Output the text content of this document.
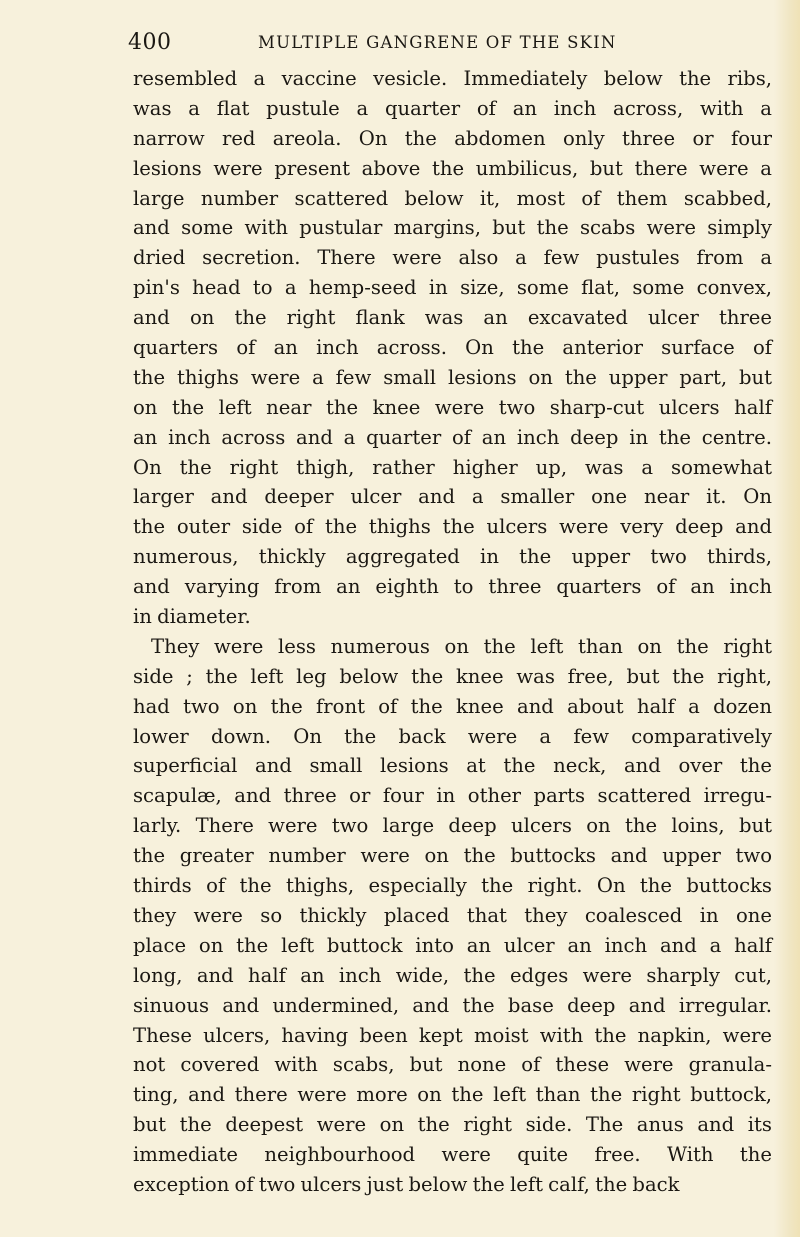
400	MULTIPLE GANGRENE OF THE SKIN
resembled a vaccine vesicle. Immediately below the ribs,
was a flat pustule a quarter of an inch across, with a
narrow red areola. On the abdomen only three or four
lesions were present above the umbilicus, but there were a
large number scattered below it, most of them scabbed,
and some with pustular margins, but the scabs were simply
dried secretion. There were also a few pustules from a
pin's head to a hemp-seed in size, some flat, some convex,
and on the right flank was an excavated ulcer three
quarters of an inch across. On the anterior surface of
the thighs were a few small lesions on the upper part, but
on the left near the knee were two sharp-cut ulcers half
an inch across and a quarter of an inch deep in the centre.
On the right thigh, rather higher up, was a somewhat
larger and deeper ulcer and a smaller one near it. On
the outer side of the thighs the ulcers were very deep and
numerous, thickly aggregated in the upper two thirds,
and varying from an eighth to three quarters of an inch
in diameter.
They were less numerous on the left than on the right
side ; the left leg below the knee was free, but the right,
had two on the front of the knee and about half a dozen
lower down. On the back were a few comparatively
superficial and small lesions at the neck, and over the
scapulæ, and three or four in other parts scattered irregu-
larly. There were two large deep ulcers on the loins, but
the greater number were on the buttocks and upper two
thirds of the thighs, especially the right. On the buttocks
they were so thickly placed that they coalesced in one
place on the left buttock into an ulcer an inch and a half
long, and half an inch wide, the edges were sharply cut,
sinuous and undermined, and the base deep and irregular.
These ulcers, having been kept moist with the napkin, were
not covered with scabs, but none of these were granula-
ting, and there were more on the left than the right buttock,
but the deepest were on the right side. The anus and its
immediate neighbourhood were quite free. With the
exception of two ulcers just below the left calf, the back
